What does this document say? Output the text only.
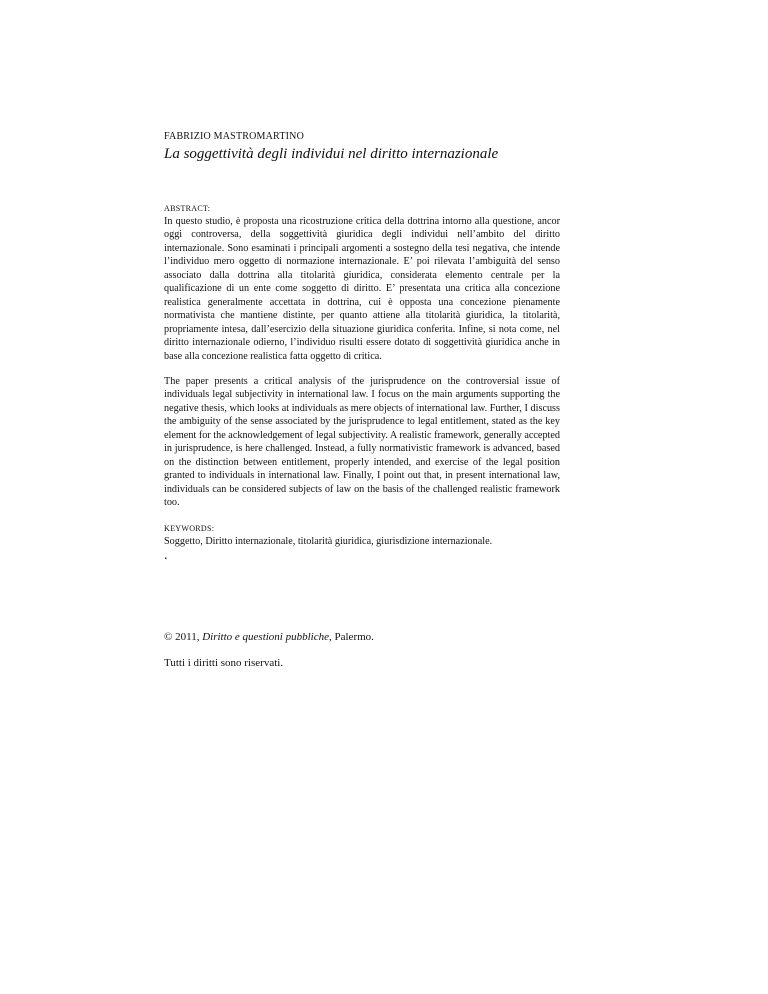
FABRIZIO MASTROMARTINO

La soggettività degli individui nel diritto internazionale

ABSTRACT:

In questo studio, è proposta una ricostruzione critica della dottrina intorno alla questione, ancor oggi controversa, della soggettività giuridica degli individui nell’ambito del diritto internazionale. Sono esaminati i principali argomenti a sostegno della tesi negativa, che intende l’individuo mero oggetto di normazione internazionale. E’ poi rilevata l’ambiguità del senso associato dalla dottrina alla titolarità giuridica, considerata elemento centrale per la qualificazione di un ente come soggetto di diritto. E’ presentata una critica alla concezione realistica generalmente accettata in dottrina, cui è opposta una concezione pienamente normativista che mantiene distinte, per quanto attiene alla titolarità giuridica, la titolarità, propriamente intesa, dall’esercizio della situazione giuridica conferita. Infine, si nota come, nel diritto internazionale odierno, l’individuo risulti essere dotato di soggettività giuridica anche in base alla concezione realistica fatta oggetto di critica.

The paper presents a critical analysis of the jurisprudence on the controversial issue of individuals legal subjectivity in international law. I focus on the main arguments supporting the negative thesis, which looks at individuals as mere objects of international law. Further, I discuss the ambiguity of the sense associated by the jurisprudence to legal entitlement, stated as the key element for the acknowledgement of legal subjectivity. A realistic framework, generally accepted in jurisprudence, is here challenged. Instead, a fully normativistic framework is advanced, based on the distinction between entitlement, properly intended, and exercise of the legal position granted to individuals in international law. Finally, I point out that, in present international law, individuals can be considered subjects of law on the basis of the challenged realistic framework too.

KEYWORDS:

Soggetto, Diritto internazionale, titolarità giuridica, giurisdizione internazionale.

.

© 2011, Diritto e questioni pubbliche, Palermo.

Tutti i diritti sono riservati.
